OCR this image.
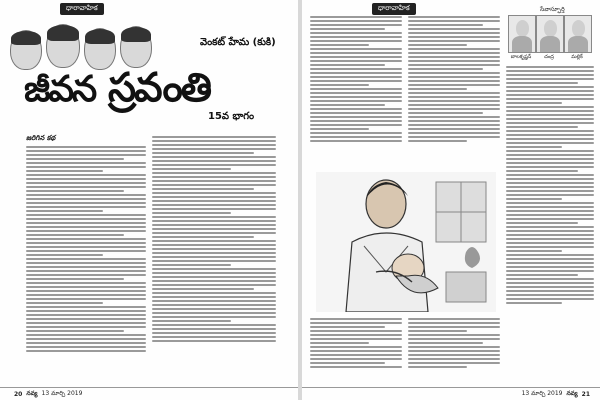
ధారావాహిక
వెంకట్ హేమ (కుకి)
జీవన స్రవంతి
15వ భాగం
జరిగిన కథ
20 నవ్య 13 మార్చి 2019
ధారావాహిక	సేవాస్ఫూర్తి
బాలకృష్ణన్	చంద్ర	మల్లిక్
13 మార్చి 2019 నవ్య 21
